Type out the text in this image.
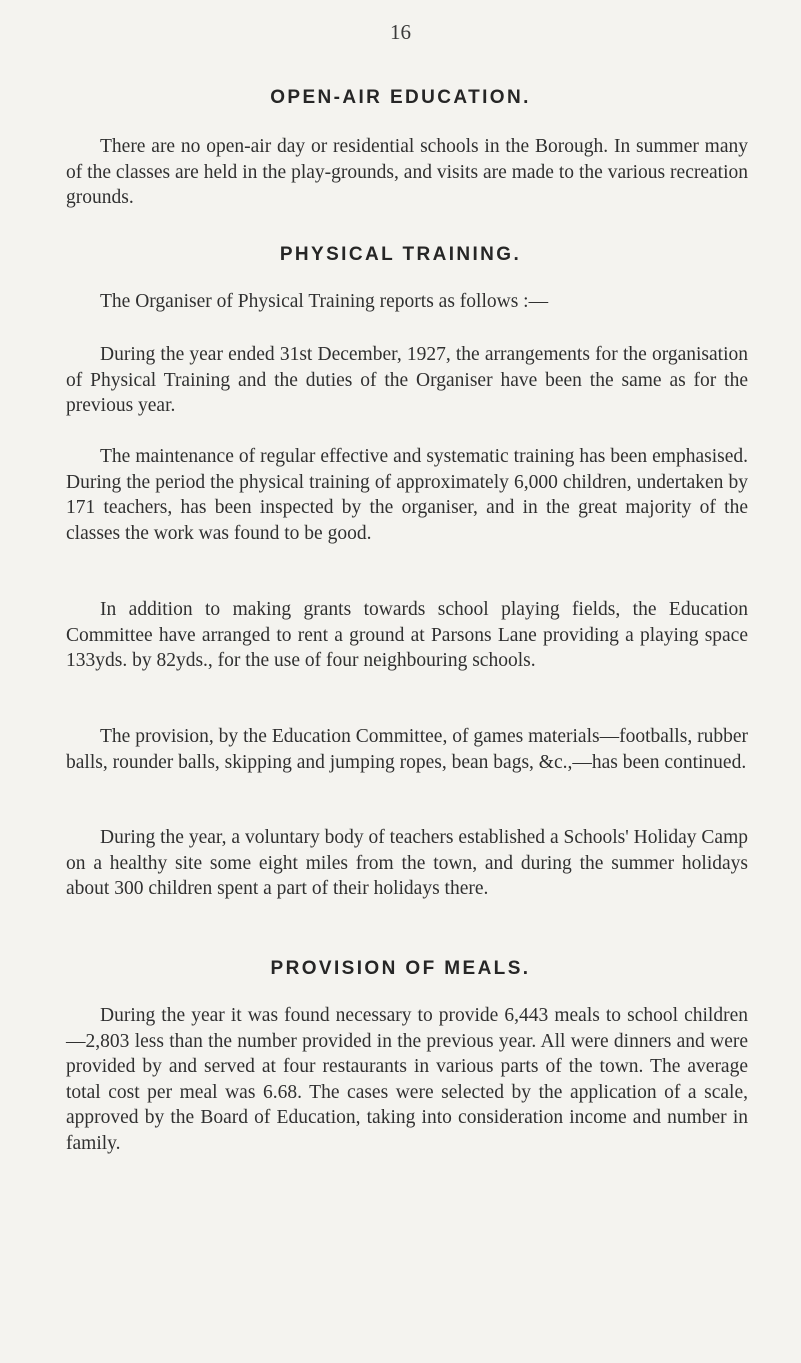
16
OPEN-AIR EDUCATION.
There are no open-air day or residential schools in the Borough. In summer many of the classes are held in the play-grounds, and visits are made to the various recreation grounds.
PHYSICAL TRAINING.
The Organiser of Physical Training reports as follows :—
During the year ended 31st December, 1927, the arrangements for the organisation of Physical Training and the duties of the Organiser have been the same as for the previous year.
The maintenance of regular effective and systematic training has been emphasised. During the period the physical training of approximately 6,000 children, undertaken by 171 teachers, has been inspected by the organiser, and in the great majority of the classes the work was found to be good.
In addition to making grants towards school playing fields, the Education Committee have arranged to rent a ground at Parsons Lane providing a playing space 133yds. by 82yds., for the use of four neighbouring schools.
The provision, by the Education Committee, of games materials—footballs, rubber balls, rounder balls, skipping and jumping ropes, bean bags, &c.,—has been continued.
During the year, a voluntary body of teachers established a Schools' Holiday Camp on a healthy site some eight miles from the town, and during the summer holidays about 300 children spent a part of their holidays there.
PROVISION OF MEALS.
During the year it was found necessary to provide 6,443 meals to school children—2,803 less than the number provided in the previous year. All were dinners and were provided by and served at four restaurants in various parts of the town. The average total cost per meal was 6.68. The cases were selected by the application of a scale, approved by the Board of Education, taking into consideration income and number in family.
